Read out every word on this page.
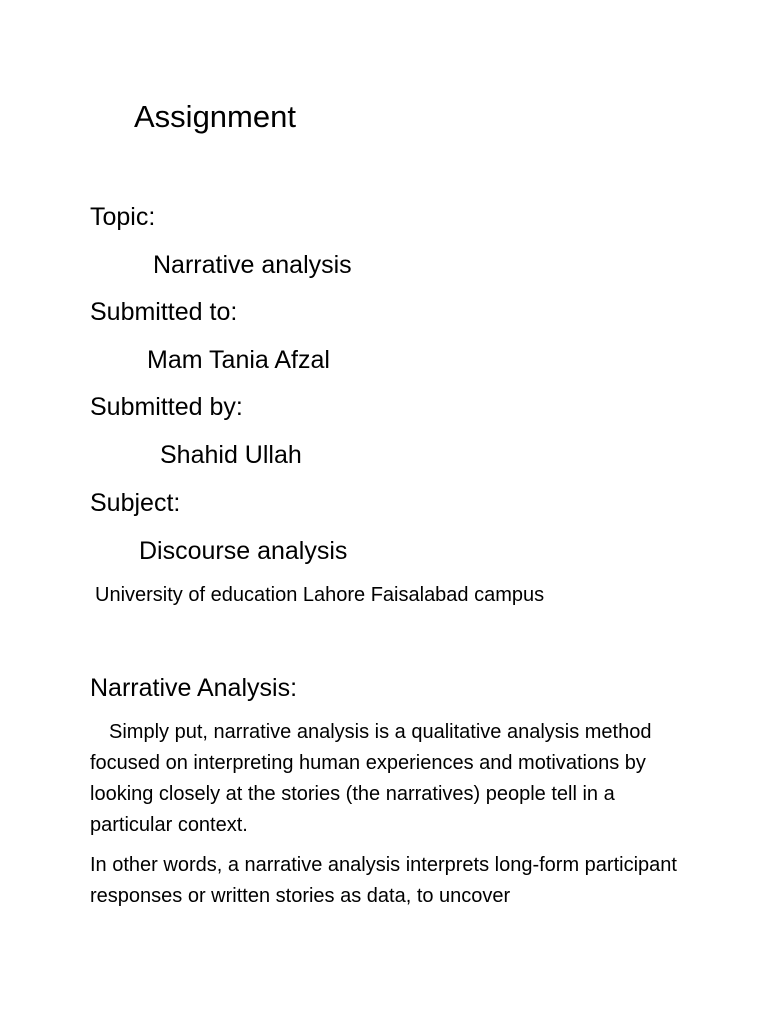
Assignment
Topic:
Narrative analysis
Submitted to:
Mam Tania Afzal
Submitted by:
Shahid Ullah
Subject:
Discourse analysis
University of education Lahore Faisalabad campus
Narrative Analysis:
Simply put, narrative analysis is a qualitative analysis method focused on interpreting human experiences and motivations by looking closely at the stories (the narratives) people tell in a particular context.
In other words, a narrative analysis interprets long-form participant responses or written stories as data, to uncover
